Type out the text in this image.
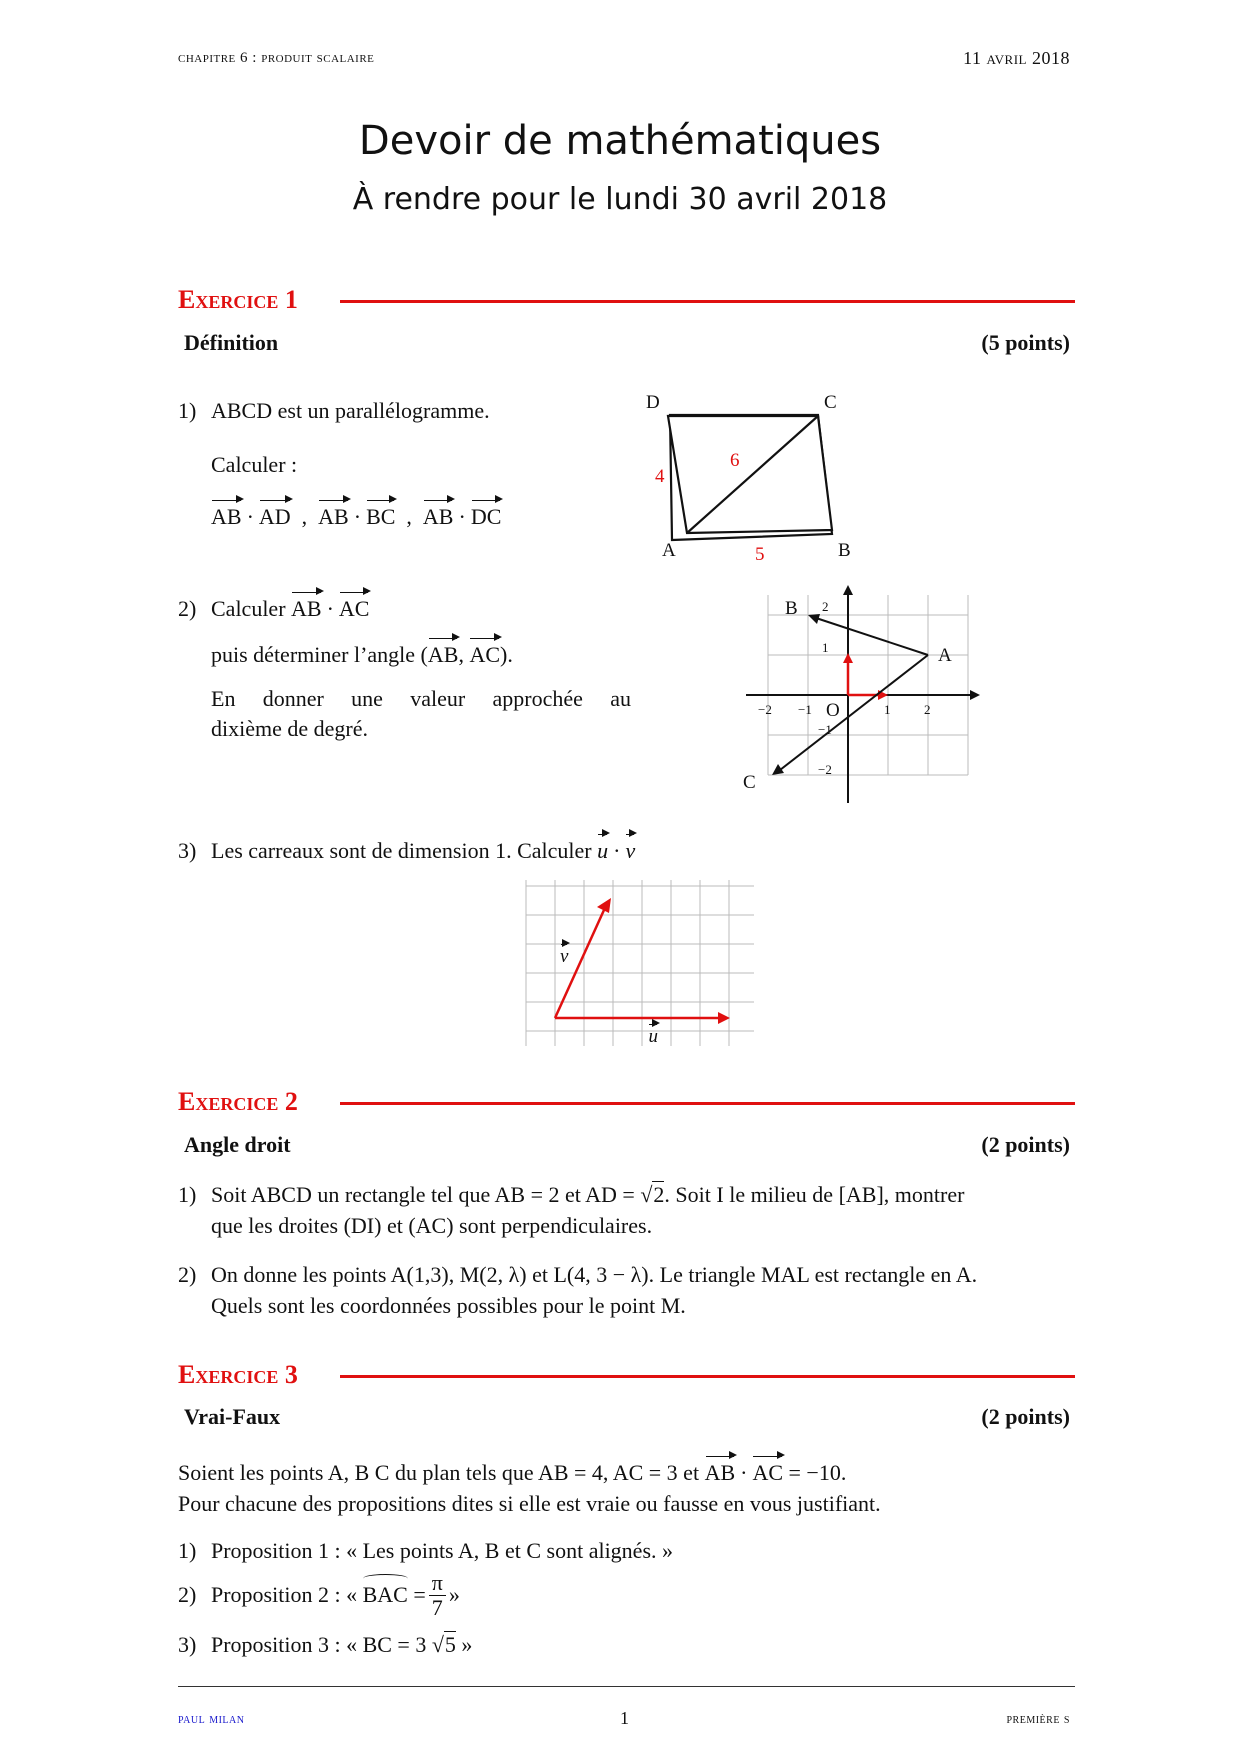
chapitre 6 : produit scalaire	11 avril 2018
Devoir de mathématiques
À rendre pour le lundi 30 avril 2018
Exercice 1
Définition	(5 points)
1) ABCD est un parallélogramme.
Calculer :
AB · AD , AB · BC , AB · DC
D	C
A	B
4
5
6
2) Calculer AB · AC
puis déterminer l’angle (AB, AC).
En donner une valeur approchée au
dixième de degré.
B
A
C
O
−2 −1	1	2
2
1
−1
−2
3) Les carreaux sont de dimension 1. Calculer u · v
v u
Exercice 2
Angle droit	(2 points)
1) Soit ABCD un rectangle tel que AB = 2 et AD = √2. Soit I le milieu de [AB], montrer
que les droites (DI) et (AC) sont perpendiculaires.
2) On donne les points A(1,3), M(2, λ) et L(4, 3 − λ). Le triangle MAL est rectangle en A.
Quels sont les coordonnées possibles pour le point M.
Exercice 3
Vrai-Faux	(2 points)
Soient les points A, B C du plan tels que AB = 4, AC = 3 et AB · AC = −10.
Pour chacune des propositions dites si elle est vraie ou fausse en vous justifiant.
1) Proposition 1 : « Les points A, B et C sont alignés. »
2) Proposition 2 : «
BAC
= $\frac{\pi}{7}$ »
3) Proposition 3 : « BC = 3 √5 »
paul milan	1	première s
